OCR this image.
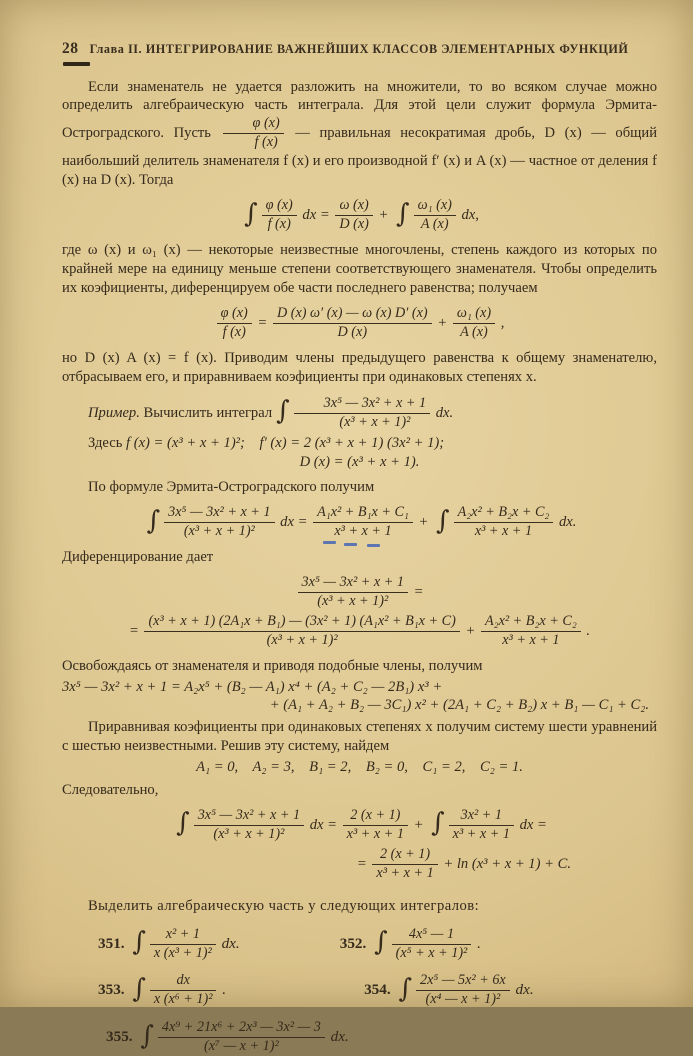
28 Глава II. ИНТЕГРИРОВАНИЕ ВАЖНЕЙШИХ КЛАССОВ ЭЛЕМЕНТАРНЫХ ФУНКЦИЙ
Если знаменатель не удается разложить на множители, то во всяком случае можно определить алгебраическую часть интеграла. Для этой цели служит формула Эрмита-Остроградского. Пусть $\frac{\varphi (x)}{f (x)}$ — правильная несократимая дробь, D (x) — общий наибольший делитель знаменателя f (x) и его производной f′ (x) и A (x) — частное от деления f (x) на D (x). Тогда
∫ $\frac{\varphi (x)}{f (x)}$ dx = $\frac{\omega (x)}{D (x)}$ + ∫ $\frac{\text{ω₁ (x)}}{A (x)}$ dx,
где ω (x) и ω₁ (x) — некоторые неизвестные многочлены, степень каждого из которых по крайней мере на единицу меньше степени соответствующего знаменателя. Чтобы определить их коэфициенты, диференцируем обе части последнего равенства; получаем
$\frac{\varphi (x)}{f (x)} = \frac{D (x) \omega' (x) — \omega (x) D' (x)}{D (x)} + \frac{\text{ω₁ (x)}}{A (x)}$ ,
но D (x) A (x) = f (x). Приводим члены предыдущего равенства к общему знаменателю, отбрасываем его, и приравниваем коэфициенты при одинаковых степенях x.
Пример. Вычислить интеграл ∫ $\frac{\text{3x⁵ — 3x² + x + 1}}{\text{(x³ + x + 1)²}}$ dx.
Здесь f (x) = (x³ + x + 1)²;    f′ (x) = 2 (x³ + x + 1) (3x² + 1);
D (x) = (x³ + x + 1).
По формуле Эрмита-Остроградского получим
∫ $\frac{\text{3x⁵ — 3x² + x + 1}}{\text{(x³ + x + 1)²}}$ dx = $\frac{\text{A₁x² + B₁x + C₁}}{\text{x³ + x + 1}}$ + ∫ $\frac{\text{A₂x² + B₂x + C₂}}{\text{x³ + x + 1}}$ dx.
Диференцирование дает
$\frac{\text{3x⁵ — 3x² + x + 1}}{\text{(x³ + x + 1)²}}$ =
= $\frac{\text{(x³ + x + 1) (2A₁x + B₁) — (3x² + 1) (A₁x² + B₁x + C)}}{\text{(x³ + x + 1)²}} + \frac{\text{A₂x² + B₂x + C₂}}{\text{x³ + x + 1}}$ .
Освобождаясь от знаменателя и приводя подобные члены, получим
3x⁵ — 3x² + x + 1 = A₂x⁵ + (B₂ — A₁) x⁴ + (A₂ + C₂ — 2B₁) x³ +
+ (A₁ + A₂ + B₂ — 3C₁) x² + (2A₁ + C₂ + B₂) x + B₁ — C₁ + C₂.
Приравнивая коэфициенты при одинаковых степенях x получим систему шести уравнений с шестью неизвестными. Решив эту систему, найдем
A₁ = 0,    A₂ = 3,    B₁ = 2,    B₂ = 0,    C₁ = 2,    C₂ = 1.
Следовательно,
∫ $\frac{\text{3x⁵ — 3x² + x + 1}}{\text{(x³ + x + 1)²}}$ dx = $\frac{2 (x + 1)}{\text{x³ + x + 1}}$ + ∫ $\frac{\text{3x² + 1}}{\text{x³ + x + 1}}$ dx =
= $\frac{2 (x + 1)}{\text{x³ + x + 1}} + \ln (x^3 + x + 1) + C$.
Выделить алгебраическую часть у следующих интегралов:
351. ∫ $\frac{\text{x² + 1}}{\text{x (x³ + 1)²}}$ dx.	352. ∫ $\frac{\text{4x⁵ — 1}}{\text{(x⁵ + x + 1)²}}$ .
353. ∫ $\frac{dx}{\text{x (x⁶ + 1)²}}$ .	354. ∫ $\frac{\text{2x⁵ — 5x² + 6x}}{\text{(x⁴ — x + 1)²}}$ dx.
355. ∫ $\frac{\text{4x⁹ + 21x⁶ + 2x³ — 3x² — 3}}{\text{(x⁷ — x + 1)²}}$ dx.
